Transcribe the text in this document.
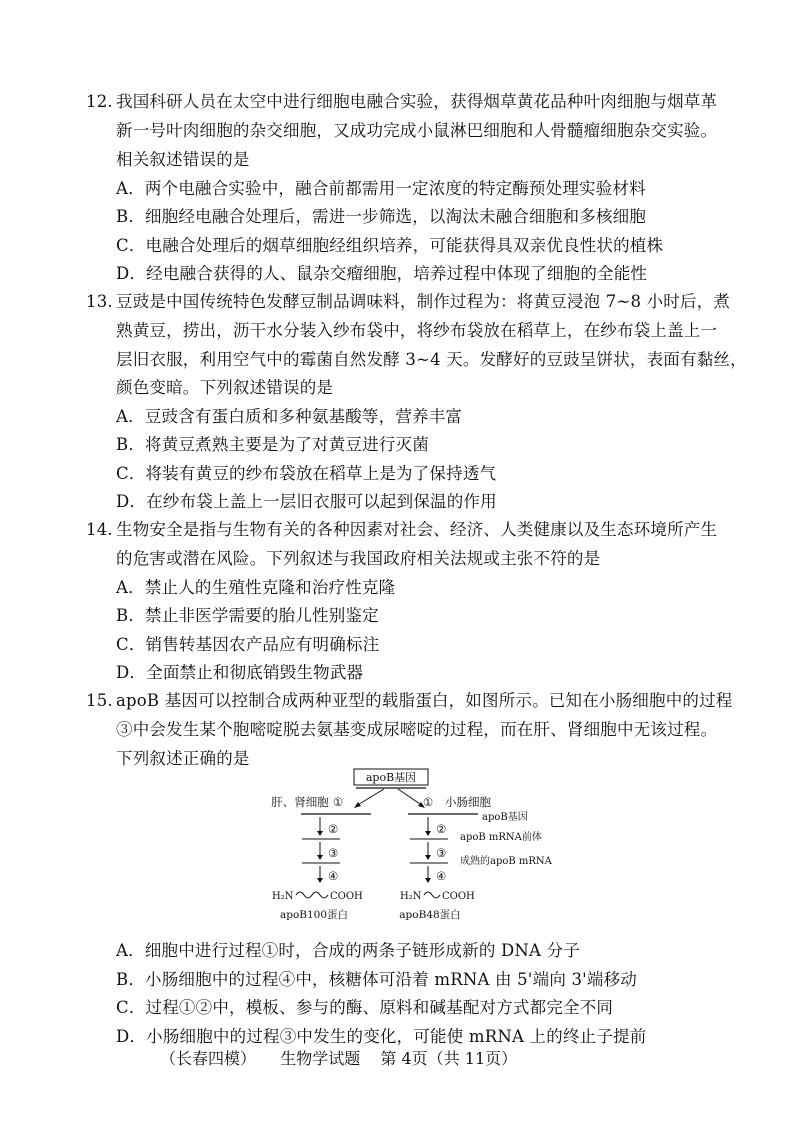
12. 我国科研人员在太空中进行细胞电融合实验，获得烟草黄花品种叶肉细胞与烟草革
新一号叶肉细胞的杂交细胞，又成功完成小鼠淋巴细胞和人骨髓瘤细胞杂交实验。
相关叙述错误的是
A．两个电融合实验中，融合前都需用一定浓度的特定酶预处理实验材料
B．细胞经电融合处理后，需进一步筛选，以淘汰未融合细胞和多核细胞
C．电融合处理后的烟草细胞经组织培养，可能获得具双亲优良性状的植株
D．经电融合获得的人、鼠杂交瘤细胞，培养过程中体现了细胞的全能性
13. 豆豉是中国传统特色发酵豆制品调味料，制作过程为：将黄豆浸泡 7~8 小时后，煮
熟黄豆，捞出，沥干水分装入纱布袋中，将纱布袋放在稻草上，在纱布袋上盖上一
层旧衣服，利用空气中的霉菌自然发酵 3~4 天。发酵好的豆豉呈饼状，表面有黏丝，
颜色变暗。下列叙述错误的是
A．豆豉含有蛋白质和多种氨基酸等，营养丰富
B．将黄豆煮熟主要是为了对黄豆进行灭菌
C．将装有黄豆的纱布袋放在稻草上是为了保持透气
D．在纱布袋上盖上一层旧衣服可以起到保温的作用
14. 生物安全是指与生物有关的各种因素对社会、经济、人类健康以及生态环境所产生
的危害或潜在风险。下列叙述与我国政府相关法规或主张不符的是
A．禁止人的生殖性克隆和治疗性克隆
B．禁止非医学需要的胎儿性别鉴定
C．销售转基因农产品应有明确标注
D．全面禁止和彻底销毁生物武器
15. apoB 基因可以控制合成两种亚型的载脂蛋白，如图所示。已知在小肠细胞中的过程
③中会发生某个胞嘧啶脱去氨基变成尿嘧啶的过程，而在肝、肾细胞中无该过程。
下列叙述正确的是
apoB基因
肝、肾细胞 ①	① 小肠细胞
apoB基因
②
③
④
H₂N	COOH
apoB100蛋白
②
apoB mRNA前体
③
成熟的apoB mRNA
④
H₂N COOH
apoB48蛋白
A．细胞中进行过程①时，合成的两条子链形成新的 DNA 分子
B．小肠细胞中的过程④中，核糖体可沿着 mRNA 由 5'端向 3'端移动
C．过程①②中，模板、参与的酶、原料和碱基配对方式都完全不同
D．小肠细胞中的过程③中发生的变化，可能使 mRNA 上的终止子提前
（长春四模） 生物学试题 第 4页（共 11页）
